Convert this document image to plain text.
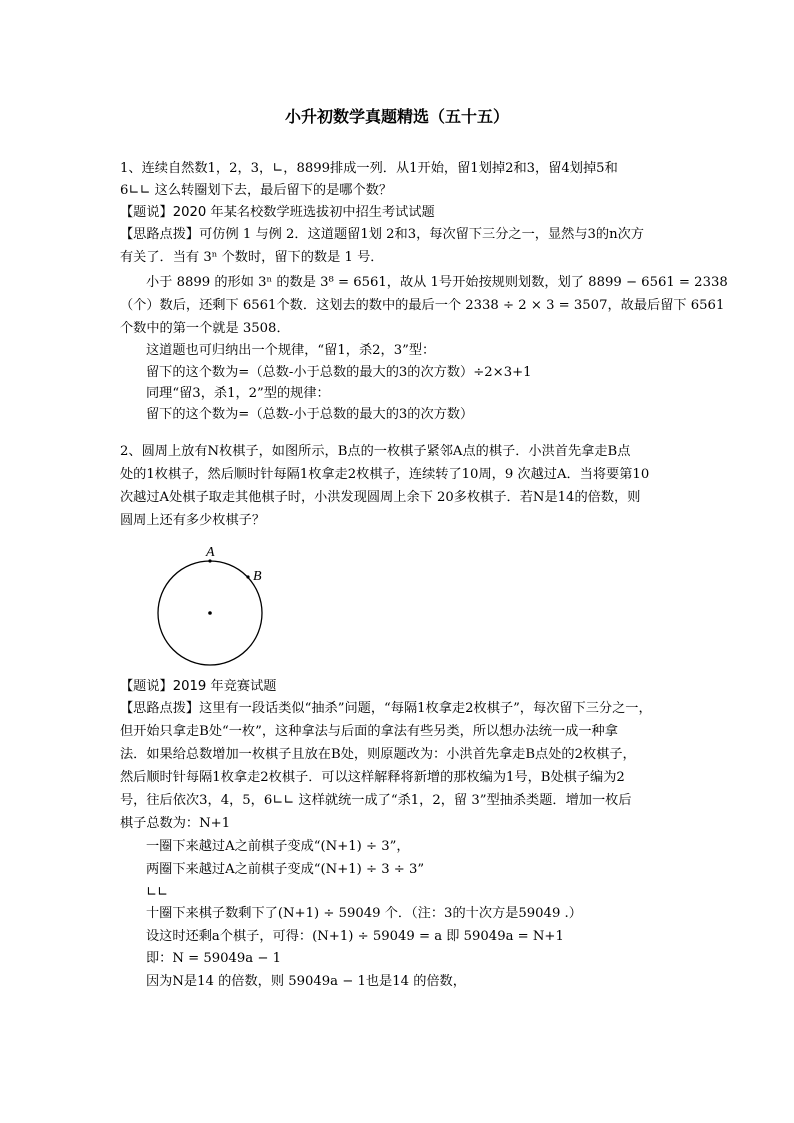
小升初数学真题精选（五十五）
1、连续自然数1，2，3，∟，8899排成一列．从1开始，留1划掉2和3，留4划掉5和
6∟∟ 这么转圈划下去，最后留下的是哪个数？
【题说】2020 年某名校数学班选拔初中招生考试试题
【思路点拨】可仿例 1 与例 2．这道题留1划 2和3，每次留下三分之一，显然与3的n次方
有关了．当有 3ⁿ 个数时，留下的数是 1 号．
小于 8899 的形如 3ⁿ 的数是 3⁸ = 6561，故从 1号开始按规则划数，划了 8899 − 6561 = 2338
（个）数后，还剩下 6561个数．这划去的数中的最后一个 2338 ÷ 2 × 3 = 3507，故最后留下 6561
个数中的第一个就是 3508．
这道题也可归纳出一个规律，“留1，杀2，3”型：
留下的这个数为=（总数-小于总数的最大的3的次方数）÷2×3+1
同理“留3，杀1，2”型的规律：
留下的这个数为=（总数-小于总数的最大的3的次方数）
2、圆周上放有N枚棋子，如图所示，B点的一枚棋子紧邻A点的棋子．小洪首先拿走B点
处的1枚棋子，然后顺时针每隔1枚拿走2枚棋子，连续转了10周，9 次越过A．当将要第10
次越过A处棋子取走其他棋子时，小洪发现圆周上余下 20多枚棋子．若N是14的倍数，则
圆周上还有多少枚棋子？
A
B
【题说】2019 年竞赛试题
【思路点拨】这里有一段话类似“抽杀”问题，“每隔1枚拿走2枚棋子”，每次留下三分之一，
但开始只拿走B处“一枚”，这种拿法与后面的拿法有些另类，所以想办法统一成一种拿
法．如果给总数增加一枚棋子且放在B处，则原题改为：小洪首先拿走B点处的2枚棋子，
然后顺时针每隔1枚拿走2枚棋子．可以这样解释将新增的那枚编为1号，B处棋子编为2
号，往后依次3，4，5，6∟∟ 这样就统一成了“杀1，2，留 3”型抽杀类题．增加一枚后
棋子总数为：N+1
一圈下来越过A之前棋子变成“(N+1) ÷ 3”，
两圈下来越过A之前棋子变成“(N+1) ÷ 3 ÷ 3”
∟∟
十圈下来棋子数剩下了(N+1) ÷ 59049 个．（注：3的十次方是59049 .）
设这时还剩a个棋子，可得：(N+1) ÷ 59049 = a 即 59049a = N+1
即：N = 59049a − 1
因为N是14 的倍数，则 59049a − 1也是14 的倍数，
